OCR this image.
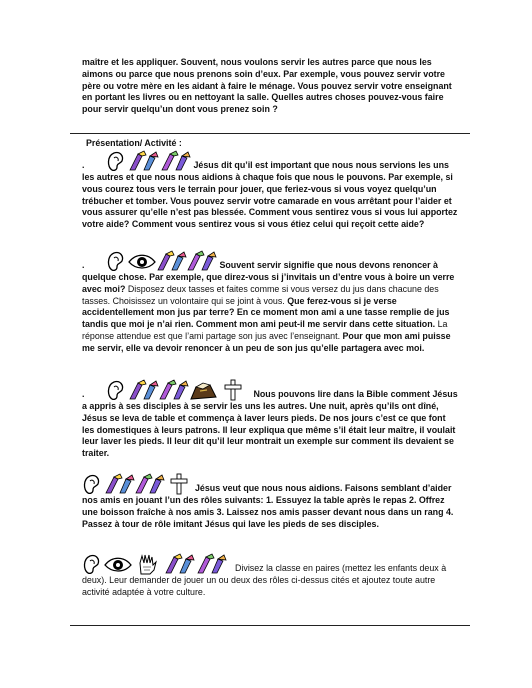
maître et les appliquer. Souvent, nous voulons servir les autres parce que nous les aimons ou parce que nous prenons soin d’eux. Par exemple, vous pouvez servir votre père ou votre mère en les aidant à faire le ménage. Vous pouvez servir votre enseignant en portant les livres ou en nettoyant la salle. Quelles autres choses pouvez-vous faire pour servir quelqu’un dont vous prenez soin ?
Présentation/ Activité :
.	Jésus dit qu’il est important que nous nous servions les uns les autres et que nous nous aidions à chaque fois que nous le pouvons. Par exemple, si vous courez tous vers le terrain pour jouer, que feriez-vous si vous voyez quelqu’un trébucher et tomber. Vous pouvez servir votre camarade en vous arrêtant pour l’aider et vous assurer qu’elle n’est pas blessée. Comment vous sentirez vous si vous lui apportez votre aide? Comment vous sentirez vous si vous étiez celui qui reçoit cette aide?
.	Souvent servir signifie que nous devons renoncer à quelque chose. Par exemple, que direz-vous si j’invitais un d’entre vous à boire un verre avec moi? Disposez deux tasses et faites comme si vous versez du jus dans chacune des tasses. Choisissez un volontaire qui se joint à vous. Que ferez-vous si je verse accidentellement mon jus par terre? En ce moment mon ami a une tasse remplie de jus tandis que moi je n’ai rien. Comment mon ami peut-il me servir dans cette situation. La réponse attendue est que l’ami partage son jus avec l’enseignant. Pour que mon ami puisse me servir, elle va devoir renoncer à un peu de son jus qu’elle partagera avec moi.
.	Nous pouvons lire dans la Bible comment Jésus a appris à ses disciples à se servir les uns les autres. Une nuit, après qu’ils ont dîné, Jésus se leva de table et commença à laver leurs pieds. De nos jours c’est ce que font les domestiques à leurs patrons. Il leur expliqua que même s’il était leur maître, il voulait leur laver les pieds. Il leur dit qu’il leur montrait un exemple sur comment ils devaient se traiter.
Jésus veut que nous nous aidions. Faisons semblant d’aider nos amis en jouant l’un des rôles suivants: 1. Essuyez la table après le repas 2. Offrez une boisson fraîche à nos amis 3. Laissez nos amis passer devant nous dans un rang 4. Passez à tour de rôle imitant Jésus qui lave les pieds de ses disciples.
Divisez la classe en paires (mettez les enfants deux à deux). Leur demander de jouer un ou deux des rôles ci-dessus cités et ajoutez toute autre activité adaptée à votre culture.
